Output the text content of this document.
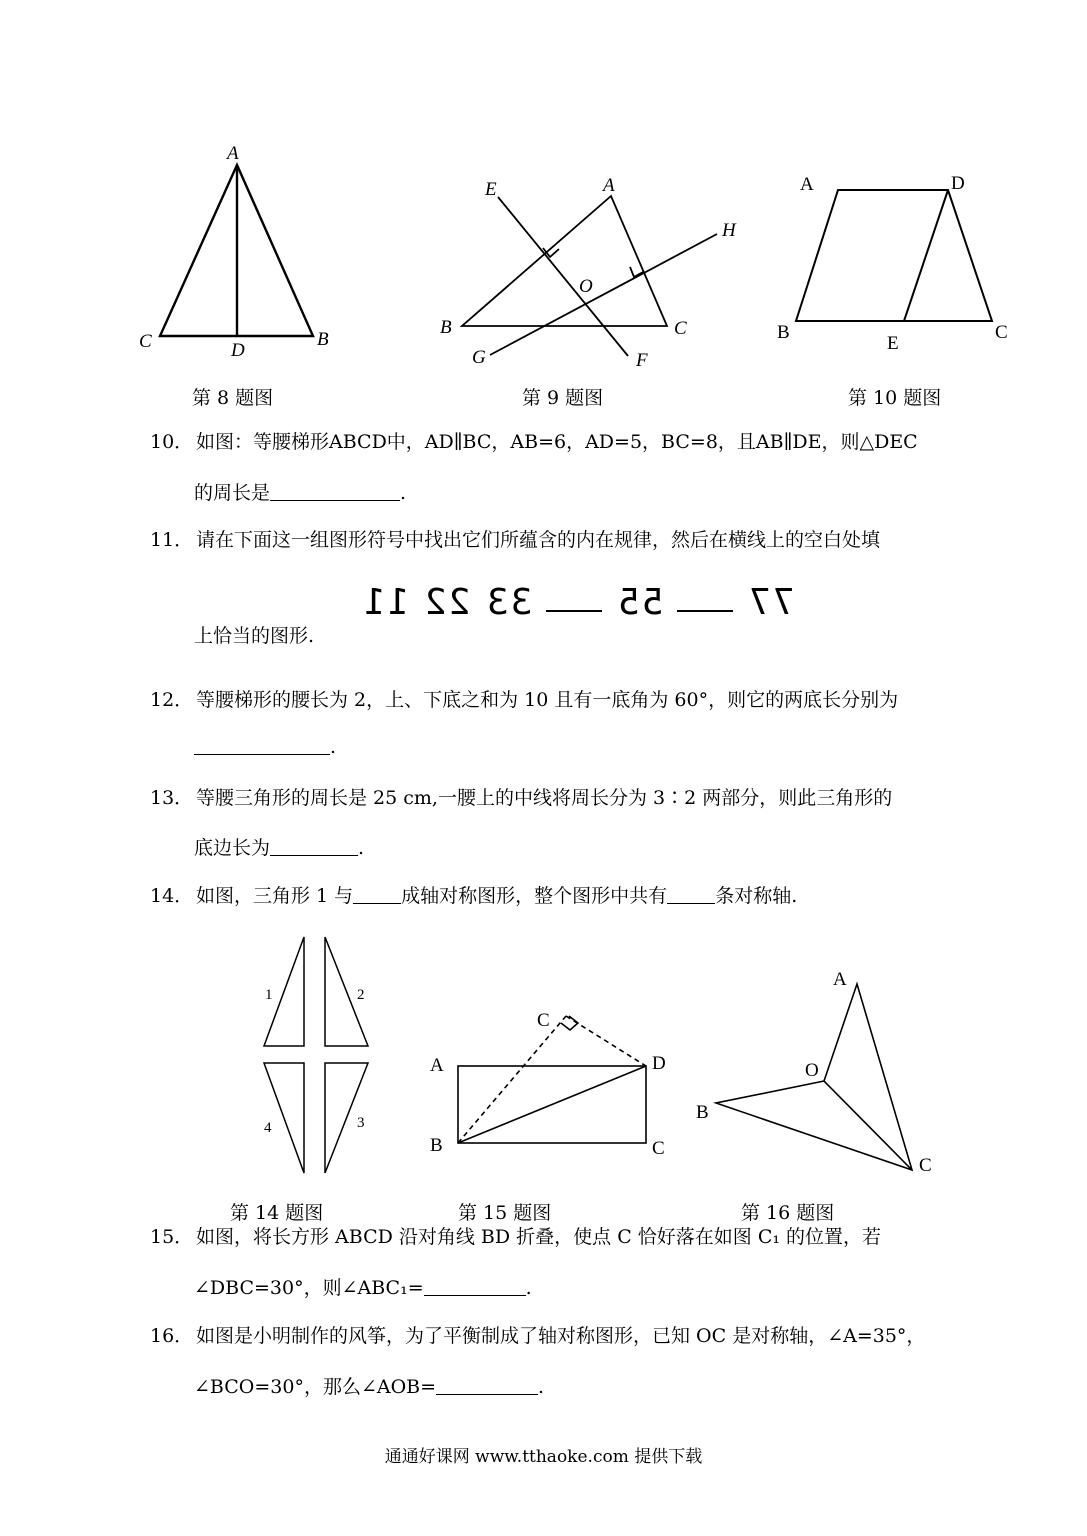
A
C	D
B
A
E
H
O
B	C
G	F
A	D
B
E
C
第 8 题图	第 9 题图	第 10 题图
10． 如图：等腰梯形ABCD中，AD∥BC，AB=6，AD=5，BC=8，且AB∥DE，则△DEC
的周长是	.
11． 请在下面这一组图形符号中找出它们所蕴含的内在规律，然后在横线上的空白处填
11 22 33 55 77
上恰当的图形.
12． 等腰梯形的腰长为 2，上、下底之和为 10 且有一底角为 60°，则它的两底长分别为
.
13． 等腰三角形的周长是 25 cm,一腰上的中线将周长分为 3∶2 两部分，则此三角形的
底边长为	.
14． 如图，三角形 1 与	成轴对称图形，整个图形中共有	条对称轴.
1	2
4	3
A
C
D
B	C
A
O
B
C
第 14 题图	第 15 题图	第 16 题图
15． 如图，将长方形 ABCD 沿对角线 BD 折叠，使点 C 恰好落在如图 C₁ 的位置，若
∠DBC=30°，则∠ABC₁=	.
16． 如图是小明制作的风筝，为了平衡制成了轴对称图形，已知 OC 是对称轴，∠A=35°，
∠BCO=30°，那么∠AOB=	.
通通好课网 www.tthaoke.com 提供下载
